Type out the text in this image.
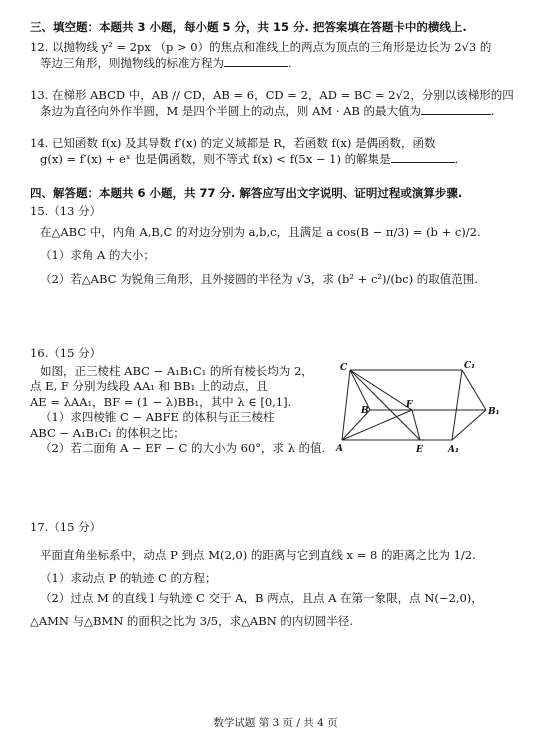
三、填空题：本题共 3 小题，每小题 5 分，共 15 分. 把答案填在答题卡中的横线上.
12. 以抛物线 y² = 2px （p > 0）的焦点和准线上的两点为顶点的三角形是边长为 2√3 的
等边三角形，则抛物线的标准方程为	.
13. 在梯形 ABCD 中，AB // CD，AB = 6，CD = 2，AD = BC = 2√2，分别以该梯形的四
条边为直径向外作半圆，M 是四个半圆上的动点，则 AM · AB 的最大值为	.
14. 已知函数 f(x) 及其导数 f′(x) 的定义域都是 R，若函数 f(x) 是偶函数，函数
g(x) = f′(x) + eˣ 也是偶函数，则不等式 f(x) < f(5x − 1) 的解集是	.
四、解答题：本题共 6 小题，共 77 分. 解答应写出文字说明、证明过程或演算步骤.
15.（13 分）
在△ABC 中，内角 A,B,C 的对边分别为 a,b,c，且满足 a cos(B − π/3) = (b + c)/2.
（1）求角 A 的大小；
（2）若△ABC 为锐角三角形，且外接圆的半径为 √3，求 (b² + c²)/(bc) 的取值范围.
16.（15 分）
如图，正三棱柱 ABC − A₁B₁C₁ 的所有棱长均为 2，
点 E, F 分别为线段 AA₁ 和 BB₁ 上的动点，且
AE = λAA₁，BF = (1 − λ)BB₁，其中 λ ∈ [0,1].
（1）求四棱锥 C − ABFE 的体积与正三棱柱
ABC − A₁B₁C₁ 的体积之比；
（2）若二面角 A − EF − C 的大小为 60°，求 λ 的值.
C	C₁
B
F
B₁
A	E	A₁
17.（15 分）
平面直角坐标系中，动点 P 到点 M(2,0) 的距离与它到直线 x = 8 的距离之比为 1/2.
（1）求动点 P 的轨迹 C 的方程；
（2）过点 M 的直线 l 与轨迹 C 交于 A，B 两点，且点 A 在第一象限，点 N(−2,0)，
△AMN 与△BMN 的面积之比为 3/5，求△ABN 的内切圆半径.
数学试题 第 3 页 / 共 4 页
